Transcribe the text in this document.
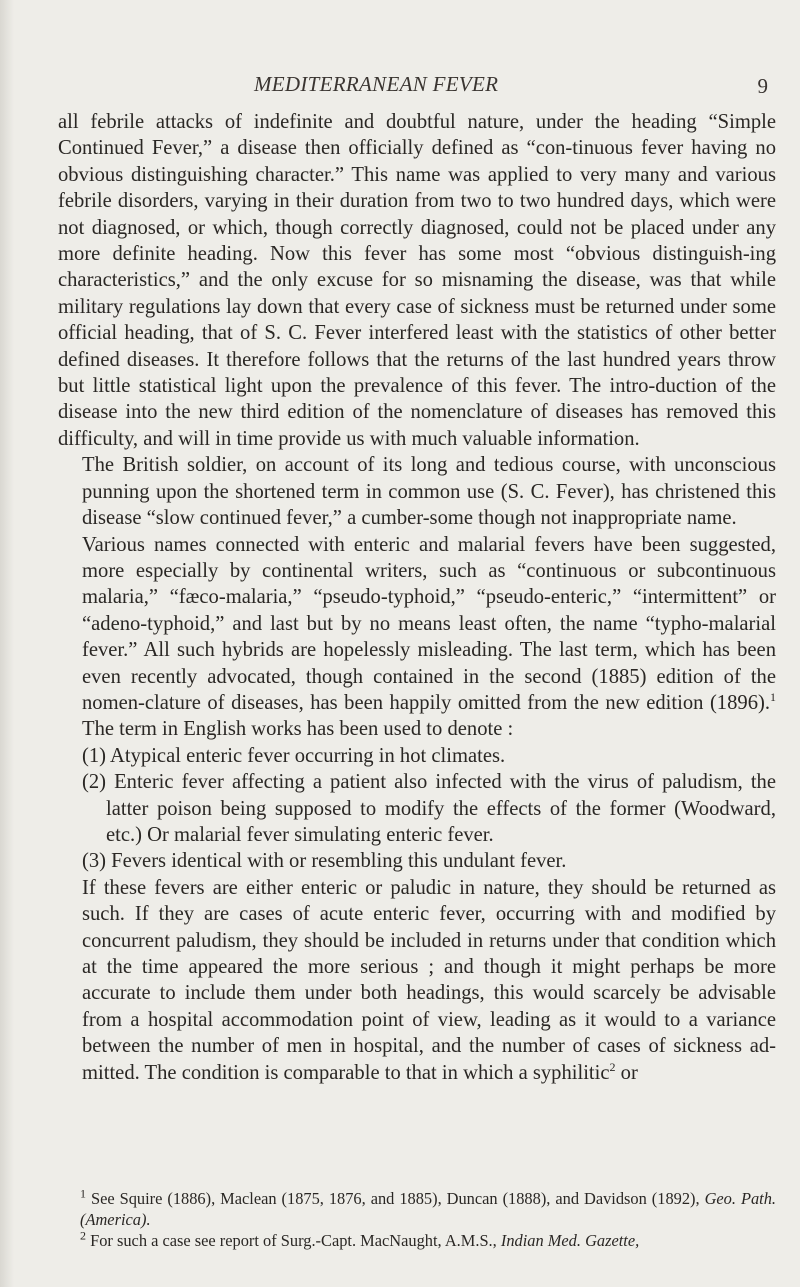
MEDITERRANEAN FEVER	9

all febrile attacks of indefinite and doubtful nature, under the heading “Simple Continued Fever,” a disease then officially defined as “con-tinuous fever having no obvious distinguishing character.” This name was applied to very many and various febrile disorders, varying in their duration from two to two hundred days, which were not diagnosed, or which, though correctly diagnosed, could not be placed under any more definite heading. Now this fever has some most “obvious distinguish-ing characteristics,” and the only excuse for so misnaming the disease, was that while military regulations lay down that every case of sickness must be returned under some official heading, that of S. C. Fever interfered least with the statistics of other better defined diseases. It therefore follows that the returns of the last hundred years throw but little statistical light upon the prevalence of this fever. The intro-duction of the disease into the new third edition of the nomenclature of diseases has removed this difficulty, and will in time provide us with much valuable information.

The British soldier, on account of its long and tedious course, with unconscious punning upon the shortened term in common use (S. C. Fever), has christened this disease “slow continued fever,” a cumber-some though not inappropriate name.

Various names connected with enteric and malarial fevers have been suggested, more especially by continental writers, such as “continuous or subcontinuous malaria,” “fæco-malaria,” “pseudo-typhoid,” “pseudo-enteric,” “intermittent” or “adeno-typhoid,” and last but by no means least often, the name “typho-malarial fever.” All such hybrids are hopelessly misleading. The last term, which has been even recently advocated, though contained in the second (1885) edition of the nomen-clature of diseases, has been happily omitted from the new edition (1896).$^1$ The term in English works has been used to denote :

(1) Atypical enteric fever occurring in hot climates.

(2) Enteric fever affecting a patient also infected with the virus of paludism, the latter poison being supposed to modify the effects of the former (Woodward, etc.) Or malarial fever simulating enteric fever.

(3) Fevers identical with or resembling this undulant fever.

If these fevers are either enteric or paludic in nature, they should be returned as such. If they are cases of acute enteric fever, occurring with and modified by concurrent paludism, they should be included in returns under that condition which at the time appeared the more serious ; and though it might perhaps be more accurate to include them under both headings, this would scarcely be advisable from a hospital accommodation point of view, leading as it would to a variance between the number of men in hospital, and the number of cases of sickness ad-mitted. The condition is comparable to that in which a syphilitic$^2$ or

$^1$ See Squire (1886), Maclean (1875, 1876, and 1885), Duncan (1888), and Davidson (1892), Geo. Path. (America).

$^2$ For such a case see report of Surg.-Capt. MacNaught, A.M.S., Indian Med. Gazette,
